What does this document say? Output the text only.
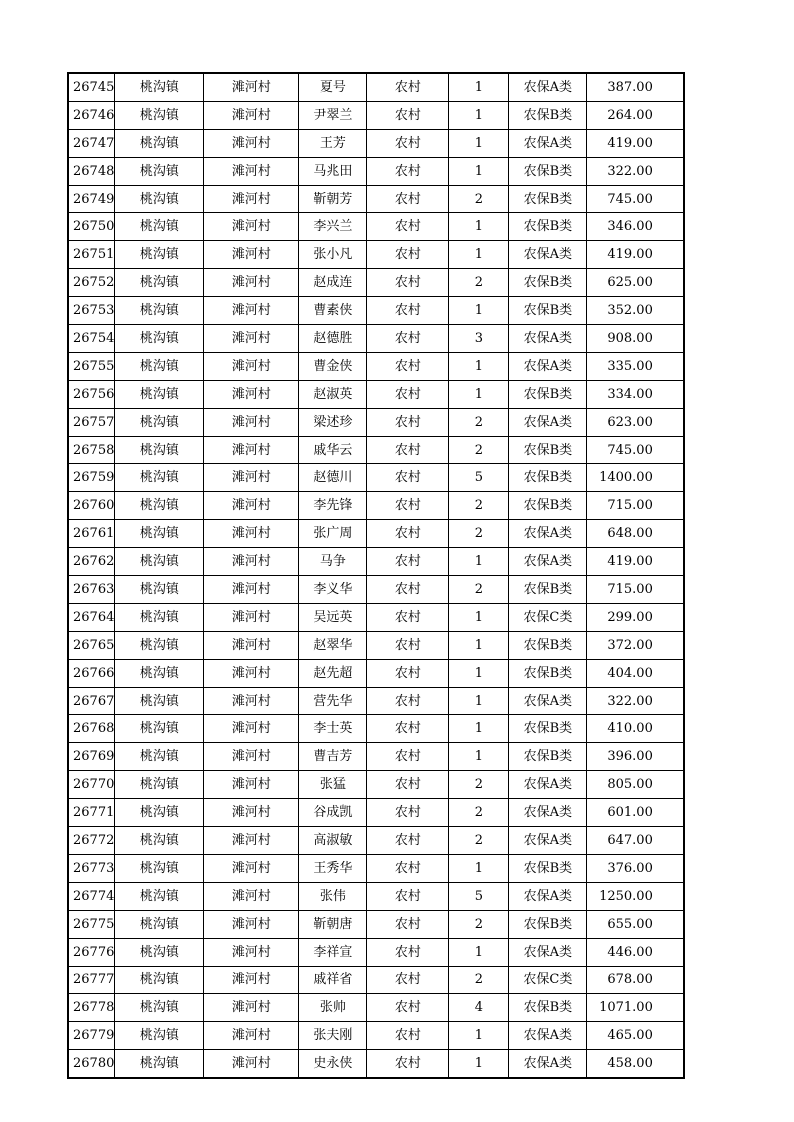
26745	桃沟镇	滩河村	夏号	农村	1	农保A类	387.00
26746	桃沟镇	滩河村	尹翠兰	农村	1	农保B类	264.00
26747	桃沟镇	滩河村	王芳	农村	1	农保A类	419.00
26748	桃沟镇	滩河村	马兆田	农村	1	农保B类	322.00
26749	桃沟镇	滩河村	靳朝芳	农村	2	农保B类	745.00
26750	桃沟镇	滩河村	李兴兰	农村	1	农保B类	346.00
26751	桃沟镇	滩河村	张小凡	农村	1	农保A类	419.00
26752	桃沟镇	滩河村	赵成连	农村	2	农保B类	625.00
26753	桃沟镇	滩河村	曹素侠	农村	1	农保B类	352.00
26754	桃沟镇	滩河村	赵德胜	农村	3	农保A类	908.00
26755	桃沟镇	滩河村	曹金侠	农村	1	农保A类	335.00
26756	桃沟镇	滩河村	赵淑英	农村	1	农保B类	334.00
26757	桃沟镇	滩河村	梁述珍	农村	2	农保A类	623.00
26758	桃沟镇	滩河村	戚华云	农村	2	农保B类	745.00
26759	桃沟镇	滩河村	赵德川	农村	5	农保B类	1400.00
26760	桃沟镇	滩河村	李先锋	农村	2	农保B类	715.00
26761	桃沟镇	滩河村	张广周	农村	2	农保A类	648.00
26762	桃沟镇	滩河村	马争	农村	1	农保A类	419.00
26763	桃沟镇	滩河村	李义华	农村	2	农保B类	715.00
26764	桃沟镇	滩河村	吴远英	农村	1	农保C类	299.00
26765	桃沟镇	滩河村	赵翠华	农村	1	农保B类	372.00
26766	桃沟镇	滩河村	赵先超	农村	1	农保B类	404.00
26767	桃沟镇	滩河村	营先华	农村	1	农保A类	322.00
26768	桃沟镇	滩河村	李士英	农村	1	农保B类	410.00
26769	桃沟镇	滩河村	曹吉芳	农村	1	农保B类	396.00
26770	桃沟镇	滩河村	张猛	农村	2	农保A类	805.00
26771	桃沟镇	滩河村	谷成凯	农村	2	农保A类	601.00
26772	桃沟镇	滩河村	高淑敏	农村	2	农保A类	647.00
26773	桃沟镇	滩河村	王秀华	农村	1	农保B类	376.00
26774	桃沟镇	滩河村	张伟	农村	5	农保A类	1250.00
26775	桃沟镇	滩河村	靳朝唐	农村	2	农保B类	655.00
26776	桃沟镇	滩河村	李祥宣	农村	1	农保A类	446.00
26777	桃沟镇	滩河村	戚祥省	农村	2	农保C类	678.00
26778	桃沟镇	滩河村	张帅	农村	4	农保B类	1071.00
26779	桃沟镇	滩河村	张夫刚	农村	1	农保A类	465.00
26780	桃沟镇	滩河村	史永侠	农村	1	农保A类	458.00
